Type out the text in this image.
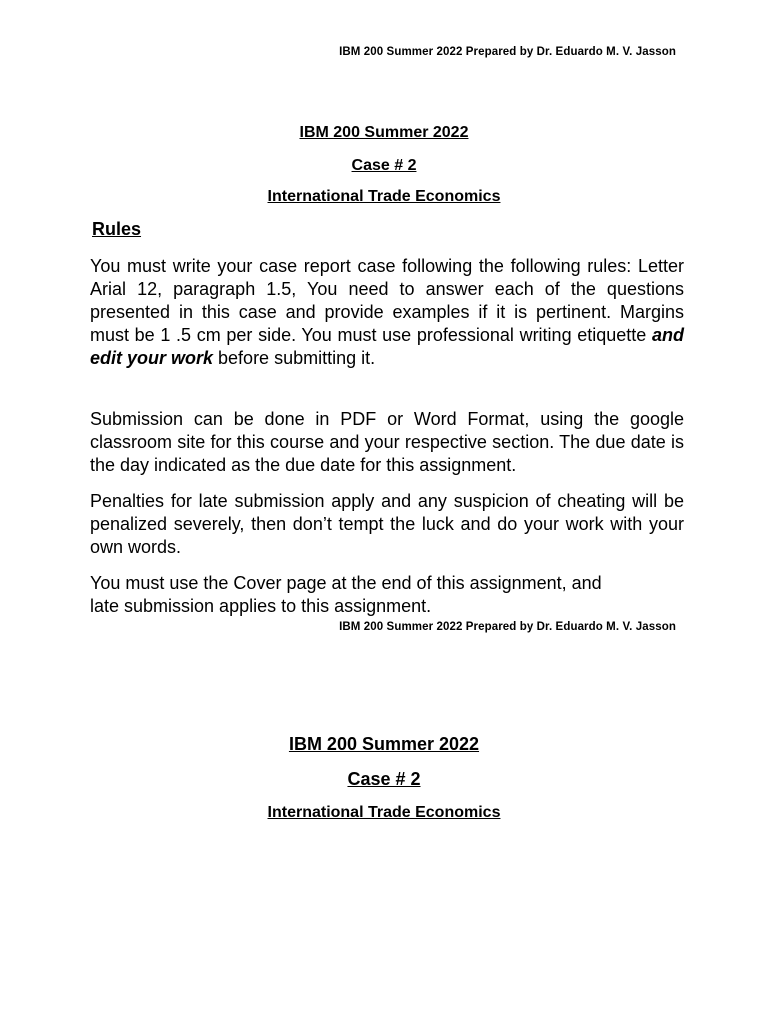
IBM 200 Summer 2022 Prepared by Dr. Eduardo M. V. Jasson
IBM 200 Summer 2022
Case # 2
International Trade Economics
Rules

You must write your case report case following the following rules: Letter Arial 12, paragraph 1.5, You need to answer each of the questions presented in this case and provide examples if it is pertinent. Margins must be 1 .5 cm per side. You must use professional writing etiquette and edit your work before submitting it.

Submission can be done in PDF or Word Format, using the google classroom site for this course and your respective section. The due date is the day indicated as the due date for this assignment.

Penalties for late submission apply and any suspicion of cheating will be penalized severely, then don’t tempt the luck and do your work with your own words.

You must use the Cover page at the end of this assignment, and
late submission applies to this assignment.

IBM 200 Summer 2022 Prepared by Dr. Eduardo M. V. Jasson
IBM 200 Summer 2022
Case # 2
International Trade Economics
